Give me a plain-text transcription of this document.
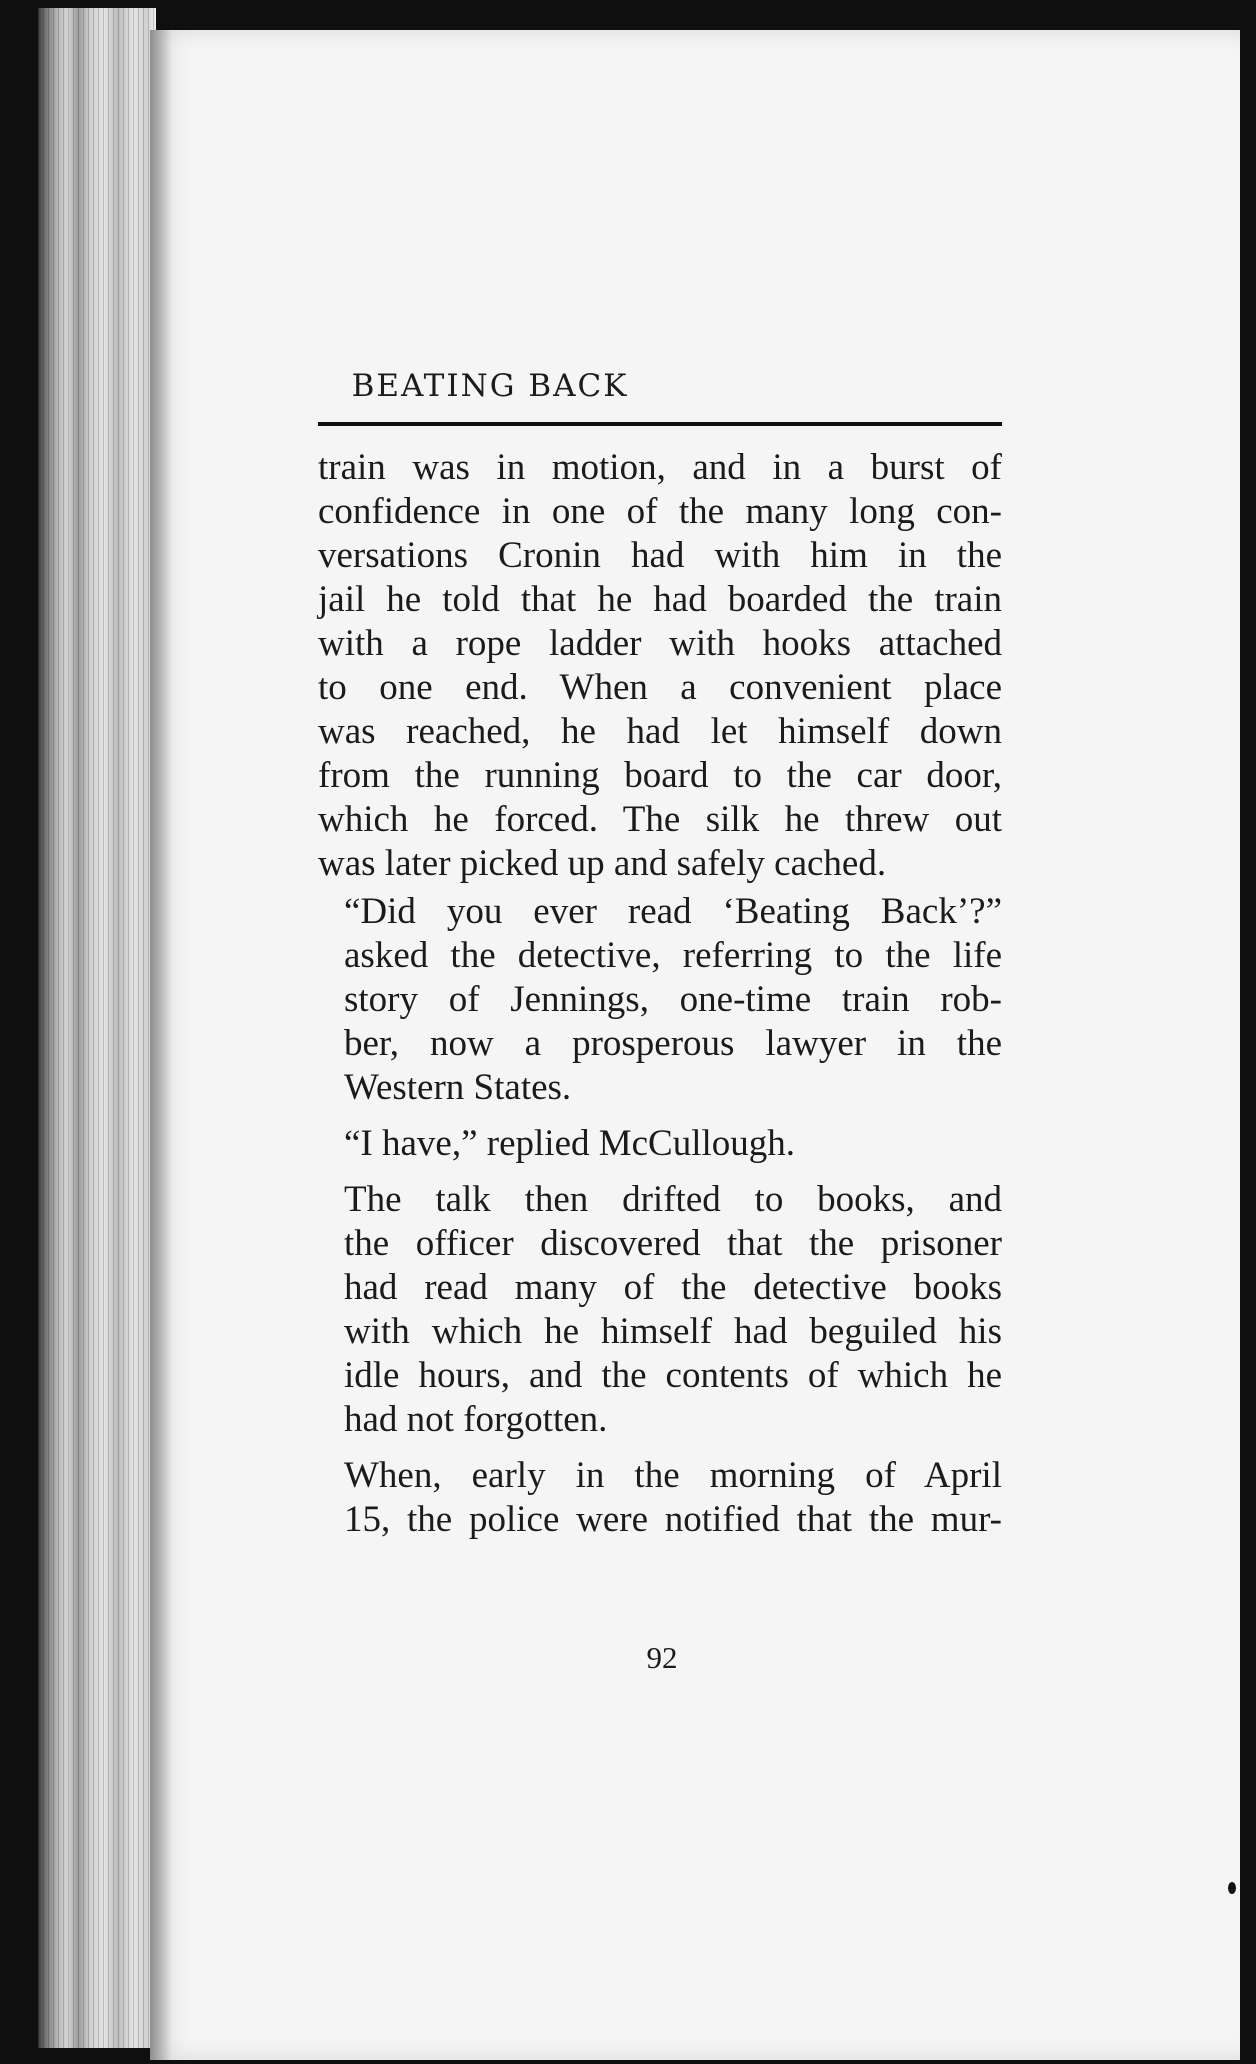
BEATING BACK

train was in motion, and in a burst of
confidence in one of the many long con-
versations Cronin had with him in the
jail he told that he had boarded the train
with a rope ladder with hooks attached
to one end. When a convenient place
was reached, he had let himself down
from the running board to the car door,
which he forced. The silk he threw out
was later picked up and safely cached.

“Did you ever read ‘Beating Back’?”
asked the detective, referring to the life
story of Jennings, one-time train rob-
ber, now a prosperous lawyer in the
Western States.

“I have,” replied McCullough.

The talk then drifted to books, and
the officer discovered that the prisoner
had read many of the detective books
with which he himself had beguiled his
idle hours, and the contents of which he
had not forgotten.

When, early in the morning of April
15, the police were notified that the mur-

92
